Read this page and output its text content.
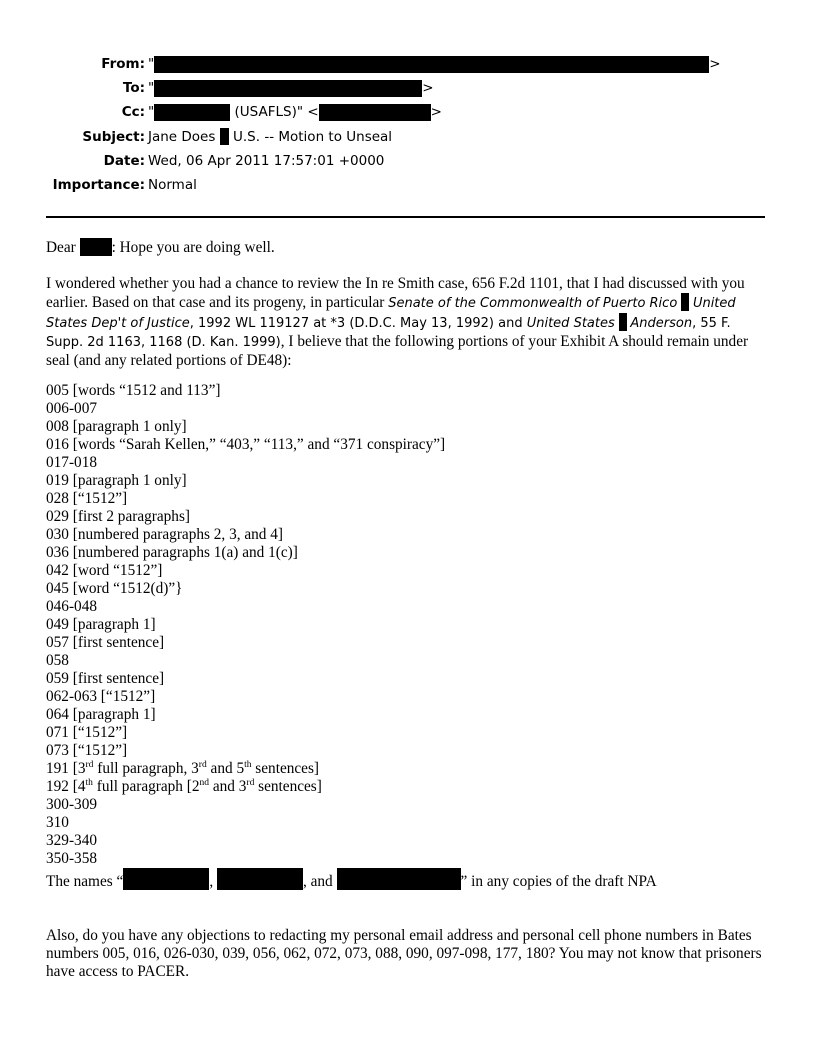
From: "	>
To: "	>
Cc: "	(USAFLS)" <	>
Subject: Jane Does U.S. -- Motion to Unseal
Date: Wed, 06 Apr 2011 17:57:01 +0000
Importance: Normal

Dear : Hope you are doing well.

I wondered whether you had a chance to review the In re Smith case, 656 F.2d 1101, that I had discussed with you earlier. Based on that case and its progeny, in particular Senate of the Commonwealth of Puerto Rico United States Dep't of Justice, 1992 WL 119127 at *3 (D.D.C. May 13, 1992) and United States Anderson, 55 F. Supp. 2d 1163, 1168 (D. Kan. 1999), I believe that the following portions of your Exhibit A should remain under seal (and any related portions of DE48):

005 [words “1512 and 113”]
006-007
008 [paragraph 1 only]
016 [words “Sarah Kellen,” “403,” “113,” and “371 conspiracy”]
017-018
019 [paragraph 1 only]
028 [“1512”]
029 [first 2 paragraphs]
030 [numbered paragraphs 2, 3, and 4]
036 [numbered paragraphs 1(a) and 1(c)]
042 [word “1512”]
045 [word “1512(d)”}
046-048
049 [paragraph 1]
057 [first sentence]
058
059 [first sentence]
062-063 [“1512”]
064 [paragraph 1]
071 [“1512”]
073 [“1512”]
191 [3rd full paragraph, 3rd and 5th sentences]
192 [4th full paragraph [2nd and 3rd sentences]
300-309
310
329-340
350-358
The names “	,	, and	” in any copies of the draft NPA

Also, do you have any objections to redacting my personal email address and personal cell phone numbers in Bates numbers 005, 016, 026-030, 039, 056, 062, 072, 073, 088, 090, 097-098, 177, 180? You may not know that prisoners have access to PACER.
